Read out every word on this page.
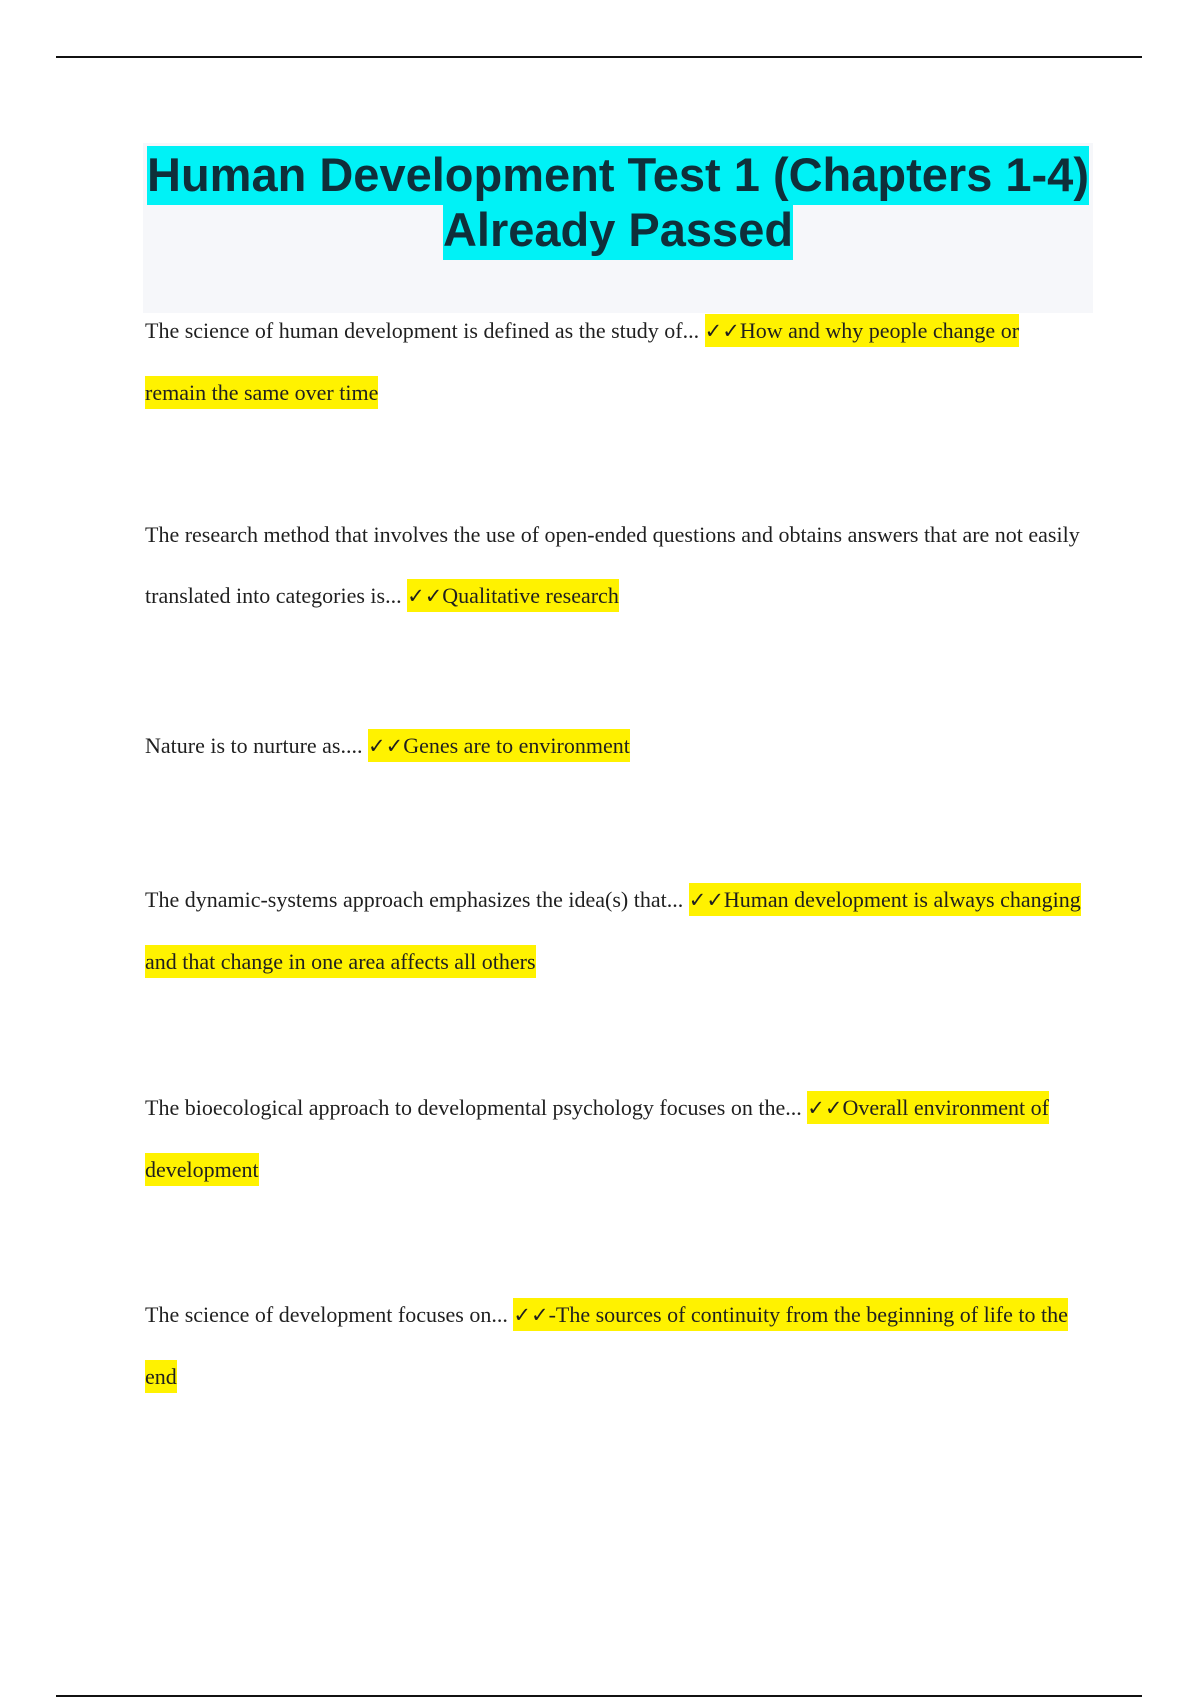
Human Development Test 1 (Chapters 1-4) Already Passed

The science of human development is defined as the study of... ✓✓How and why people change or remain the same over time

The research method that involves the use of open-ended questions and obtains answers that are not easily translated into categories is... ✓✓Qualitative research

Nature is to nurture as.... ✓✓Genes are to environment

The dynamic-systems approach emphasizes the idea(s) that... ✓✓Human development is always changing and that change in one area affects all others

The bioecological approach to developmental psychology focuses on the... ✓✓Overall environment of development

The science of development focuses on... ✓✓-The sources of continuity from the beginning of life to the end
